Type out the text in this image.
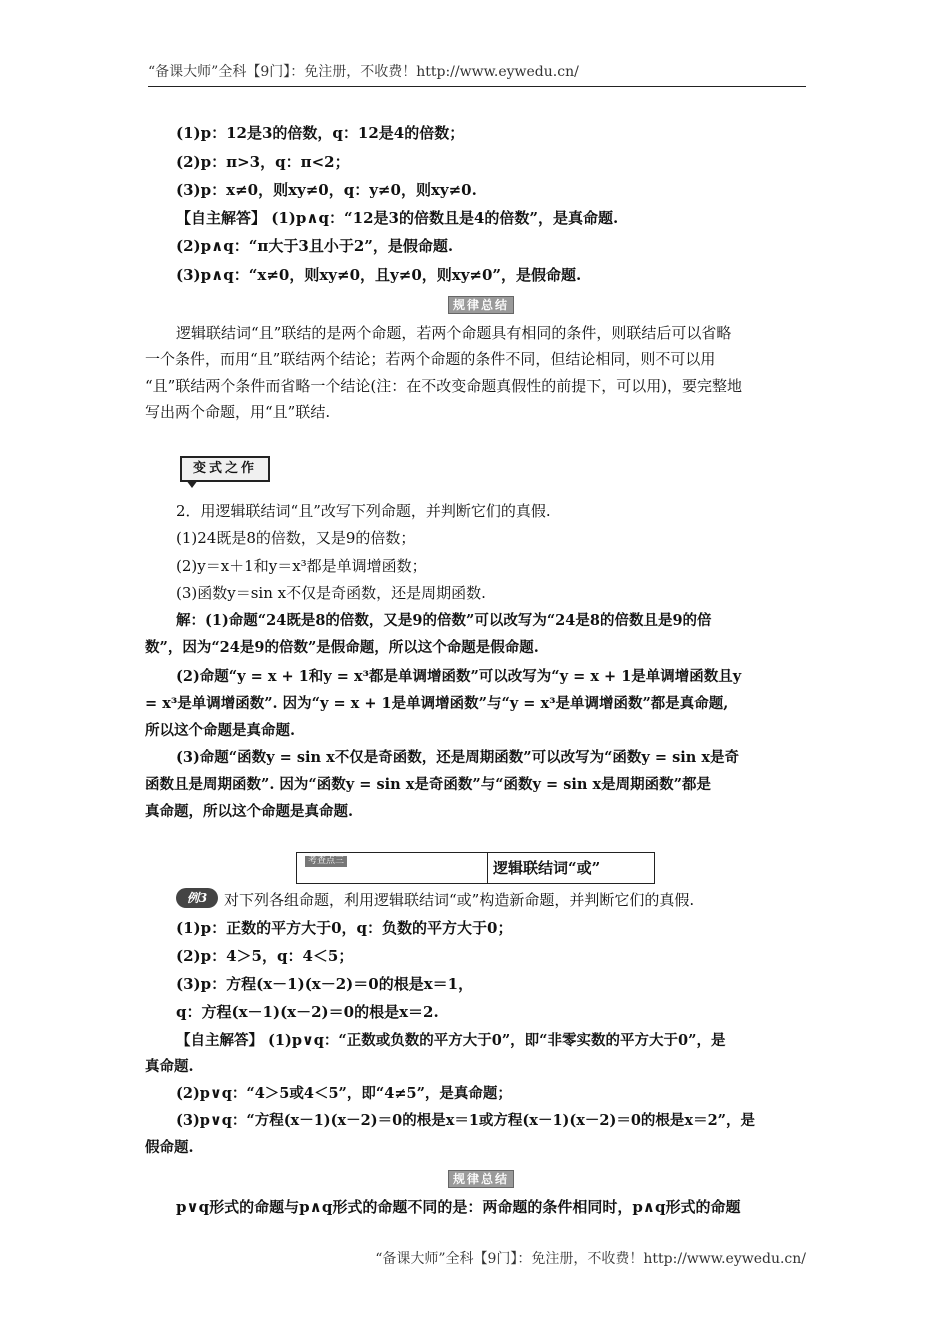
“备课大师”全科【9门】：免注册，不收费！http://www.eywedu.cn/
(1)p：12是3的倍数，q：12是4的倍数；
(2)p：π>3，q：π<2；
(3)p：x≠0，则xy≠0，q：y≠0，则xy≠0.
【自主解答】 (1)p∧q：“12是3的倍数且是4的倍数”，是真命题.
(2)p∧q：“π大于3且小于2”，是假命题.
(3)p∧q：“x≠0，则xy≠0，且y≠0，则xy≠0”，是假命题.
规律总结
逻辑联结词“且”联结的是两个命题，若两个命题具有相同的条件，则联结后可以省略
一个条件，而用“且”联结两个结论；若两个命题的条件不同，但结论相同，则不可以用
“且”联结两个条件而省略一个结论(注：在不改变命题真假性的前提下，可以用)，要完整地
写出两个命题，用“且”联结.
变式之作
2．用逻辑联结词“且”改写下列命题，并判断它们的真假.
(1)24既是8的倍数，又是9的倍数；
(2)y＝x＋1和y＝x³都是单调增函数；
(3)函数y＝sin x不仅是奇函数，还是周期函数.
解：(1)命题“24既是8的倍数，又是9的倍数”可以改写为“24是8的倍数且是9的倍
数”，因为“24是9的倍数”是假命题，所以这个命题是假命题.
(2)命题“y = x + 1和y = x³都是单调增函数”可以改写为“y = x + 1是单调增函数且y
= x³是单调增函数”. 因为“y = x + 1是单调增函数”与“y = x³是单调增函数”都是真命题,
所以这个命题是真命题.
(3)命题“函数y = sin x不仅是奇函数，还是周期函数”可以改写为“函数y = sin x是奇
函数且是周期函数”. 因为“函数y = sin x是奇函数”与“函数y = sin x是周期函数”都是
真命题，所以这个命题是真命题.
考查点三	逻辑联结词“或”
例3	对下列各组命题，利用逻辑联结词“或”构造新命题，并判断它们的真假.
(1)p：正数的平方大于0，q：负数的平方大于0；
(2)p：4＞5，q：4＜5；
(3)p：方程(x－1)(x－2)＝0的根是x＝1，
q：方程(x－1)(x－2)＝0的根是x＝2.
【自主解答】 (1)p∨q：“正数或负数的平方大于0”，即“非零实数的平方大于0”，是
真命题.
(2)p∨q：“4＞5或4＜5”，即“4≠5”，是真命题；
(3)p∨q：“方程(x－1)(x－2)＝0的根是x＝1或方程(x－1)(x－2)＝0的根是x＝2”，是
假命题.
规律总结
p∨q形式的命题与p∧q形式的命题不同的是：两命题的条件相同时，p∧q形式的命题
“备课大师”全科【9门】：免注册，不收费！http://www.eywedu.cn/
